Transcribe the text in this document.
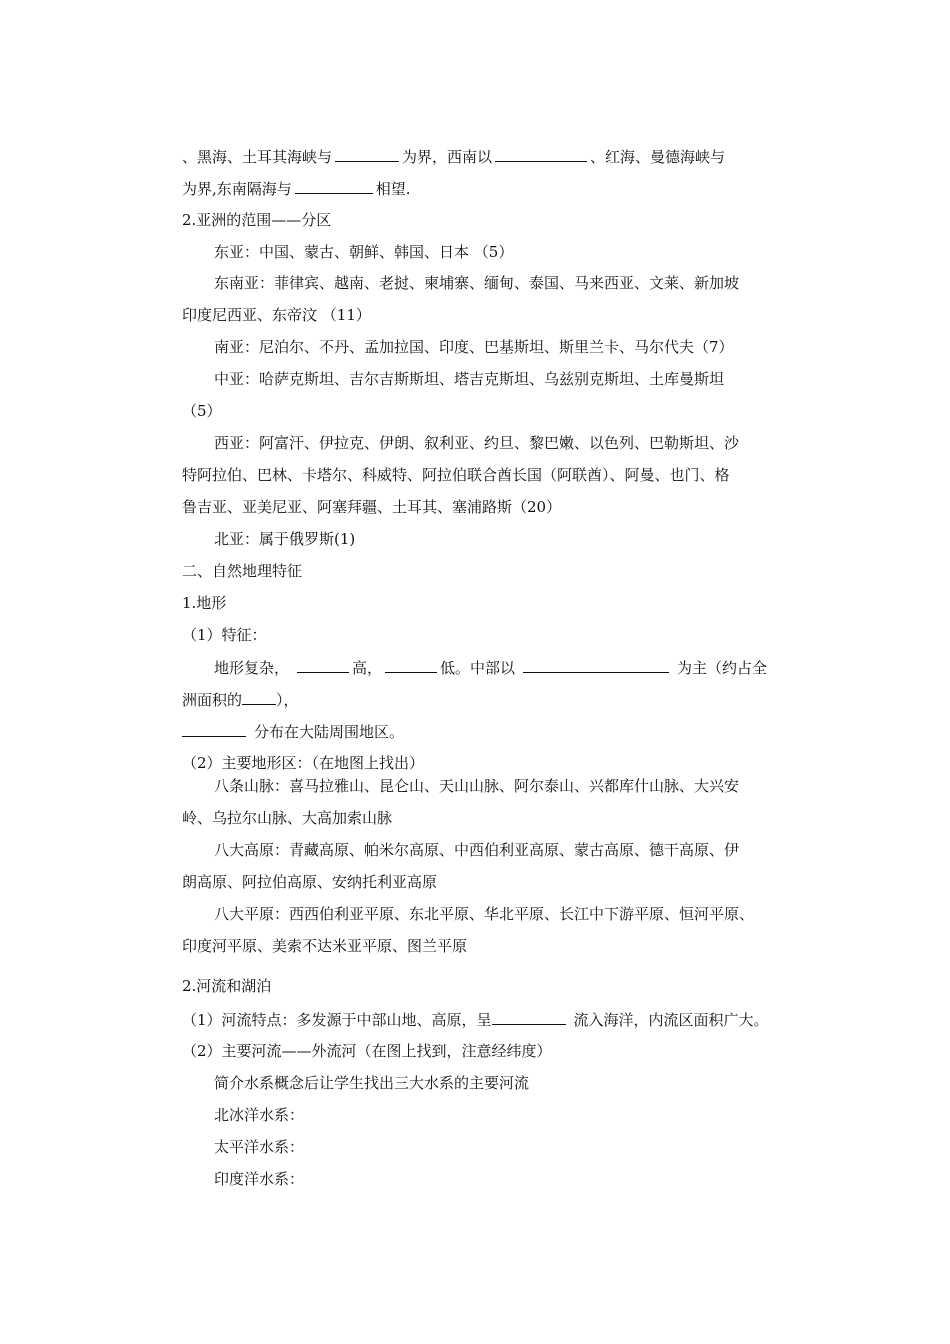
、黑海、土耳其海峡与	为界，西南以	、红海、曼德海峡与
为界,东南隔海与	相望.
2.亚洲的范围——分区
东亚：中国、蒙古、朝鲜、韩国、日本 （5）
东南亚：菲律宾、越南、老挝、柬埔寨、缅甸、泰国、马来西亚、文莱、新加坡
印度尼西亚、东帝汶 （11）
南亚：尼泊尔、不丹、孟加拉国、印度、巴基斯坦、斯里兰卡、马尔代夫（7）
中亚：哈萨克斯坦、吉尔吉斯斯坦、塔吉克斯坦、乌兹别克斯坦、土库曼斯坦
（5）
西亚：阿富汗、伊拉克、伊朗、叙利亚、约旦、黎巴嫩、以色列、巴勒斯坦、沙
特阿拉伯、巴林、卡塔尔、科威特、阿拉伯联合酋长国（阿联酋）、阿曼、也门、格
鲁吉亚、亚美尼亚、阿塞拜疆、土耳其、塞浦路斯（20）
北亚：属于俄罗斯(1)
二、自然地理特征
1.地形
（1）特征：
地形复杂，	高，	低。中部以	为主（约占全
洲面积的 ），
分布在大陆周围地区。
（2）主要地形区：（在地图上找出）
八条山脉：喜马拉雅山、昆仑山、天山山脉、阿尔泰山、兴都库什山脉、大兴安
岭、乌拉尔山脉、大高加索山脉
八大高原：青藏高原、帕米尔高原、中西伯利亚高原、蒙古高原、德干高原、伊
朗高原、阿拉伯高原、安纳托利亚高原
八大平原：西西伯利亚平原、东北平原、华北平原、长江中下游平原、恒河平原、
印度河平原、美索不达米亚平原、图兰平原
2.河流和湖泊
（1）河流特点：多发源于中部山地、高原，呈	流入海洋，内流区面积广大。
（2）主要河流——外流河（在图上找到，注意经纬度）
简介水系概念后让学生找出三大水系的主要河流
北冰洋水系：
太平洋水系：
印度洋水系：
